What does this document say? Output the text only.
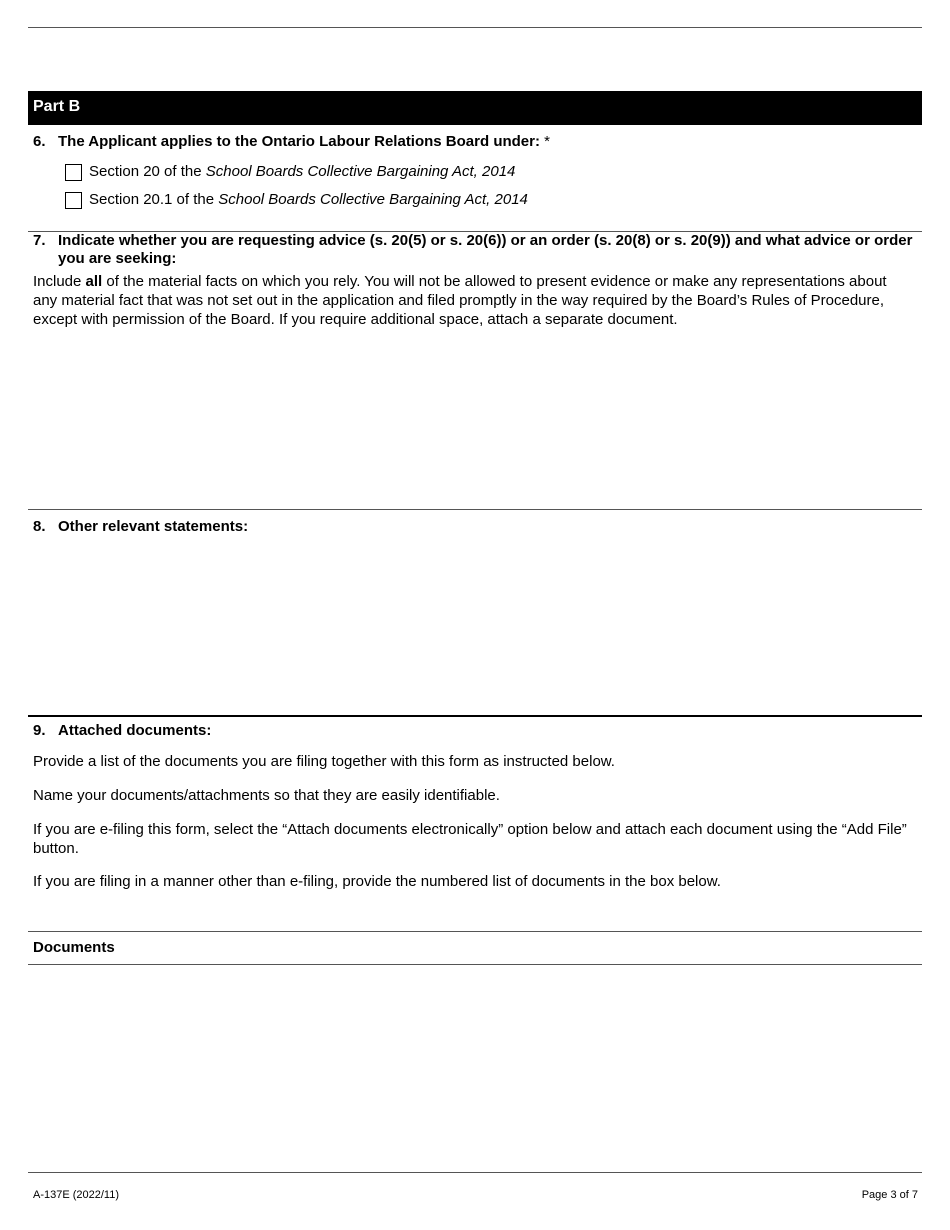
Part B
6. The Applicant applies to the Ontario Labour Relations Board under: *
Section 20 of the School Boards Collective Bargaining Act, 2014
Section 20.1 of the School Boards Collective Bargaining Act, 2014
7. Indicate whether you are requesting advice (s. 20(5) or s. 20(6)) or an order (s. 20(8) or s. 20(9)) and what advice or order you are seeking:
Include all of the material facts on which you rely. You will not be allowed to present evidence or make any representations about any material fact that was not set out in the application and filed promptly in the way required by the Board’s Rules of Procedure, except with permission of the Board. If you require additional space, attach a separate document.
8. Other relevant statements:
9. Attached documents:
Provide a list of the documents you are filing together with this form as instructed below.
Name your documents/attachments so that they are easily identifiable.
If you are e-filing this form, select the “Attach documents electronically” option below and attach each document using the “Add File” button.
If you are filing in a manner other than e-filing, provide the numbered list of documents in the box below.
Documents
A-137E (2022/11)	Page 3 of 7
